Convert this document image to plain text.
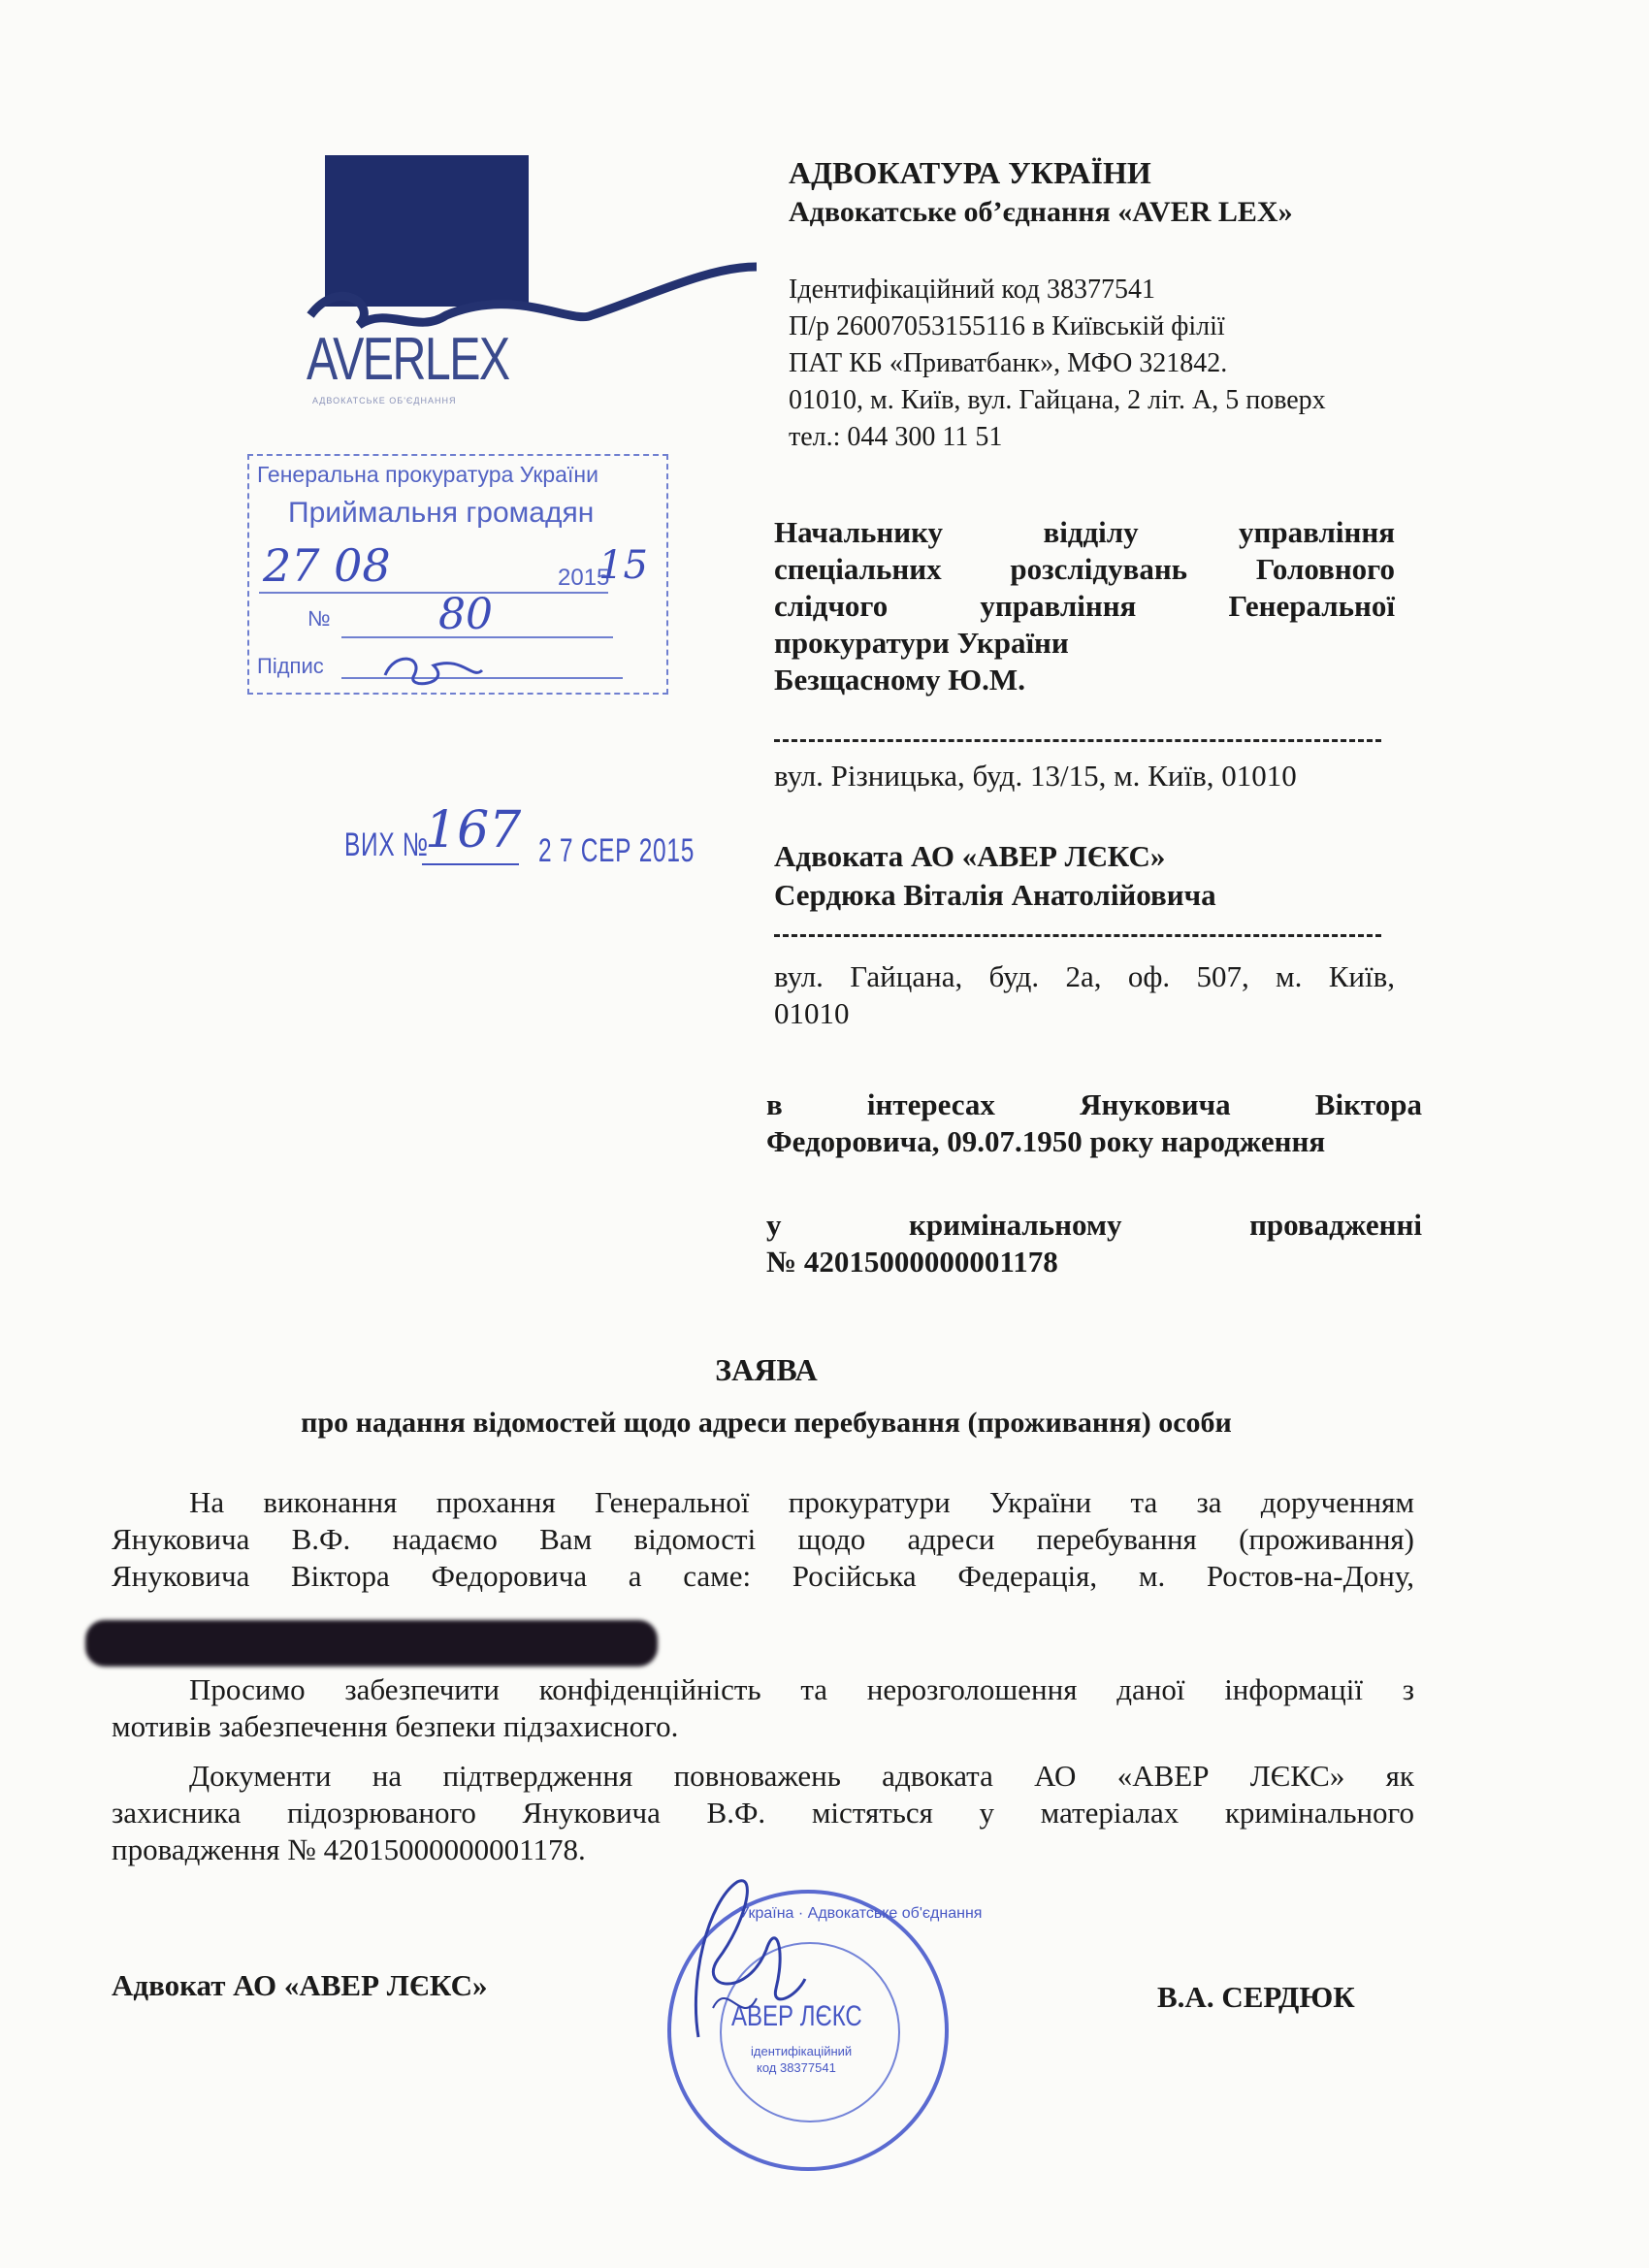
AVERLEX
АДВОКАТСЬКЕ ОБ'ЄДНАННЯ
АДВОКАТУРА УКРАЇНИ
Адвокатське об’єднання «AVER LEX»
Ідентифікаційний код 38377541
П/р 26007053155116 в Київській філії
ПАТ КБ «Приватбанк», МФО 321842.
01010, м. Київ, вул. Гайцана, 2 літ. А, 5 поверх
тел.: 044 300 11 51
Генеральна прокуратура України
Приймальня громадян
27 08	2015
15
№	80
Підпис
ВИХ №
167 2 7 СЕР 2015
Начальнику відділу управління
спеціальних розслідувань Головного
слідчого управління Генеральної
прокуратури України
Безщасному Ю.М.
вул. Різницька, буд. 13/15, м. Київ, 01010
Адвоката АО «АВЕР ЛЄКС»
Сердюка Віталія Анатолійовича
вул. Гайцана, буд. 2а, оф. 507, м. Київ,
01010
в інтересах Януковича Віктора
Федоровича, 09.07.1950 року народження
у кримінальному провадженні
№ 42015000000001178
ЗАЯВА
про надання відомостей щодо адреси перебування (проживання) особи
На виконання прохання Генеральної прокуратури України та за дорученням
Януковича В.Ф. надаємо Вам відомості щодо адреси перебування (проживання)
Януковича Віктора Федоровича а саме: Російська Федерація, м. Ростов-на-Дону,
Просимо забезпечити конфіденційність та нерозголошення даної інформації з
мотивів забезпечення безпеки підзахисного.
Документи на підтвердження повноважень адвоката АО «АВЕР ЛЄКС» як
захисника підозрюваного Януковича В.Ф. містяться у матеріалах кримінального
провадження № 42015000000001178.
Адвокат АО «АВЕР ЛЄКС»	В.А. СЕРДЮК
Україна · Адвокатське об'єднання
АВЕР ЛЄКС
ідентифікаційний
код 38377541
